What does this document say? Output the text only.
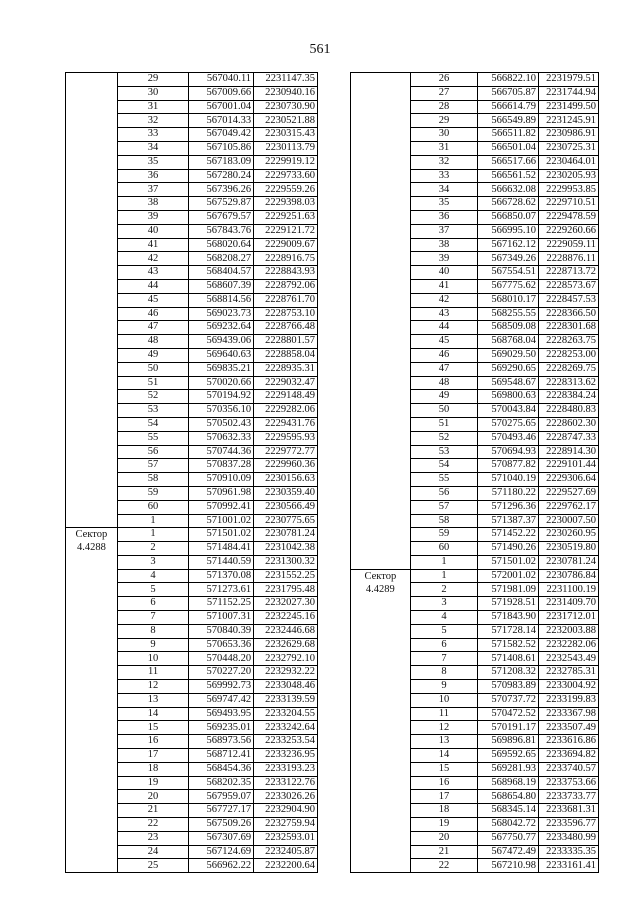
561
	29	567040.11	2231147.35
	30	567009.66	2230940.16
	31	567001.04	2230730.90
	32	567014.33	2230521.88
	33	567049.42	2230315.43
	34	567105.86	2230113.79
	35	567183.09	2229919.12
	36	567280.24	2229733.60
	37	567396.26	2229559.26
	38	567529.87	2229398.03
	39	567679.57	2229251.63
	40	567843.76	2229121.72
	41	568020.64	2229009.67
	42	568208.27	2228916.75
	43	568404.57	2228843.93
	44	568607.39	2228792.06
	45	568814.56	2228761.70
	46	569023.73	2228753.10
	47	569232.64	2228766.48
	48	569439.06	2228801.57
	49	569640.63	2228858.04
	50	569835.21	2228935.31
	51	570020.66	2229032.47
	52	570194.92	2229148.49
	53	570356.10	2229282.06
	54	570502.43	2229431.76
	55	570632.33	2229595.93
	56	570744.36	2229772.77
	57	570837.28	2229960.36
	58	570910.09	2230156.63
	59	570961.98	2230359.40
	60	570992.41	2230566.49
	1	571001.02	2230775.65

Сектор
4.4288	1	571501.02	2230781.24
	2	571484.41	2231042.38
	3	571440.59	2231300.32
	4	571370.08	2231552.25
	5	571273.61	2231795.48
	6	571152.25	2232027.30
	7	571007.31	2232245.16
	8	570840.39	2232446.68
	9	570653.36	2232629.68
	10	570448.20	2232792.10
	11	570227.20	2232932.22
	12	569992.73	2233048.46
	13	569747.42	2233139.59
	14	569493.95	2233204.55
	15	569235.01	2233242.64
	16	568973.56	2233253.54
	17	568712.41	2233236.95
	18	568454.36	2233193.23
	19	568202.35	2233122.76
	20	567959.07	2233026.26
	21	567727.17	2232904.90
	22	567509.26	2232759.94
	23	567307.69	2232593.01
	24	567124.69	2232405.87
	25	566962.22	2232200.64
	26	566822.10	2231979.51
	27	566705.87	2231744.94
	28	566614.79	2231499.50
	29	566549.89	2231245.91
	30	566511.82	2230986.91
	31	566501.04	2230725.31
	32	566517.66	2230464.01
	33	566561.52	2230205.93
	34	566632.08	2229953.85
	35	566728.62	2229710.51
	36	566850.07	2229478.59
	37	566995.10	2229260.66
	38	567162.12	2229059.11
	39	567349.26	2228876.11
	40	567554.51	2228713.72
	41	567775.62	2228573.67
	42	568010.17	2228457.53
	43	568255.55	2228366.50
	44	568509.08	2228301.68
	45	568768.04	2228263.75
	46	569029.50	2228253.00
	47	569290.65	2228269.75
	48	569548.67	2228313.62
	49	569800.63	2228384.24
	50	570043.84	2228480.83
	51	570275.65	2228602.30
	52	570493.46	2228747.33
	53	570694.93	2228914.30
	54	570877.82	2229101.44
	55	571040.19	2229306.64
	56	571180.22	2229527.69
	57	571296.36	2229762.17
	58	571387.37	2230007.50
	59	571452.22	2230260.95
	60	571490.26	2230519.80
	1	571501.02	2230781.24

Сектор
4.4289	1	572001.02	2230786.84
	2	571981.09	2231100.19
	3	571928.51	2231409.70
	4	571843.90	2231712.01
	5	571728.14	2232003.88
	6	571582.52	2232282.06
	7	571408.61	2232543.49
	8	571208.32	2232785.31
	9	570983.89	2233004.92
	10	570737.72	2233199.83
	11	570472.52	2233367.98
	12	570191.17	2233507.49
	13	569896.81	2233616.86
	14	569592.65	2233694.82
	15	569281.93	2233740.57
	16	568968.19	2233753.66
	17	568654.80	2233733.77
	18	568345.14	2233681.31
	19	568042.72	2233596.77
	20	567750.77	2233480.99
	21	567472.49	2233335.35
	22	567210.98	2233161.41
